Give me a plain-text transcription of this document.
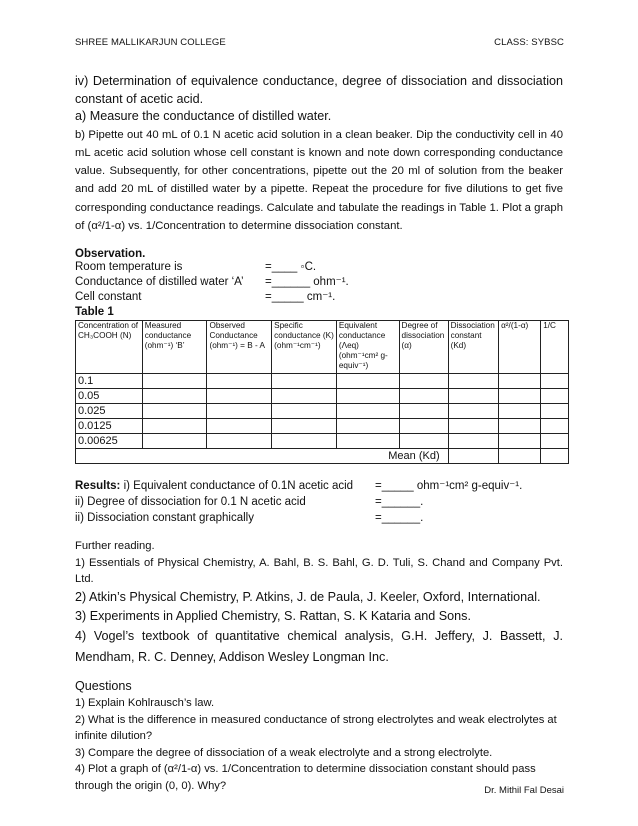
SHREE MALLIKARJUN COLLEGE	CLASS: SYBSC

iv) Determination of equivalence conductance, degree of dissociation and dissociation constant of acetic acid.

a) Measure the conductance of distilled water.

b) Pipette out 40 mL of 0.1 N acetic acid solution in a clean beaker. Dip the conductivity cell in 40 mL acetic acid solution whose cell constant is known and note down corresponding conductance value. Subsequently, for other concentrations, pipette out the 20 ml of solution from the beaker and add 20 mL of distilled water by a pipette. Repeat the procedure for five dilutions to get five corresponding conductance readings. Calculate and tabulate the readings in Table 1. Plot a graph of (α²/1-α) vs. 1/Concentration to determine dissociation constant.

Observation.

Room temperature is	=____ ◦C.
Conductance of distilled water ‘A’	=______ ohm⁻¹.
Cell constant	=_____ cm⁻¹.
Table 1
Concentration of CH₃COOH (N)	Measured conductance (ohm⁻¹) ‘B’	Observed Conductance (ohm⁻¹) = B - A	Specific conductance (K) (ohm⁻¹cm⁻¹)	Equivalent conductance (Λeq) (ohm⁻¹cm² g-equiv⁻¹)	Degree of dissociation (α)	Dissociation constant (Kd)	α²/(1-α)	1/C
0.1								
0.05								
0.025								
0.0125								
0.00625								
Mean (Kd)								
Results: i) Equivalent conductance of 0.1N acetic acid	=_____ ohm⁻¹cm² g-equiv⁻¹.
ii) Degree of dissociation for 0.1 N acetic acid	=______.
ii) Dissociation constant graphically	=______.

Further reading.

1) Essentials of Physical Chemistry, A. Bahl, B. S. Bahl, G. D. Tuli, S. Chand and Company Pvt. Ltd.

2) Atkin’s Physical Chemistry, P. Atkins, J. de Paula, J. Keeler, Oxford, International.

3) Experiments in Applied Chemistry, S. Rattan, S. K Kataria and Sons.

4) Vogel’s textbook of quantitative chemical analysis, G.H. Jeffery, J. Bassett, J. Mendham, R. C. Denney, Addison Wesley Longman Inc.

Questions

1) Explain Kohlrausch’s law.

2) What is the difference in measured conductance of strong electrolytes and weak electrolytes at infinite dilution?

3) Compare the degree of dissociation of a weak electrolyte and a strong electrolyte.

4) Plot a graph of (α²/1-α) vs. 1/Concentration to determine dissociation constant should pass through the origin (0, 0). Why?	Dr. Mithil Fal Desai
